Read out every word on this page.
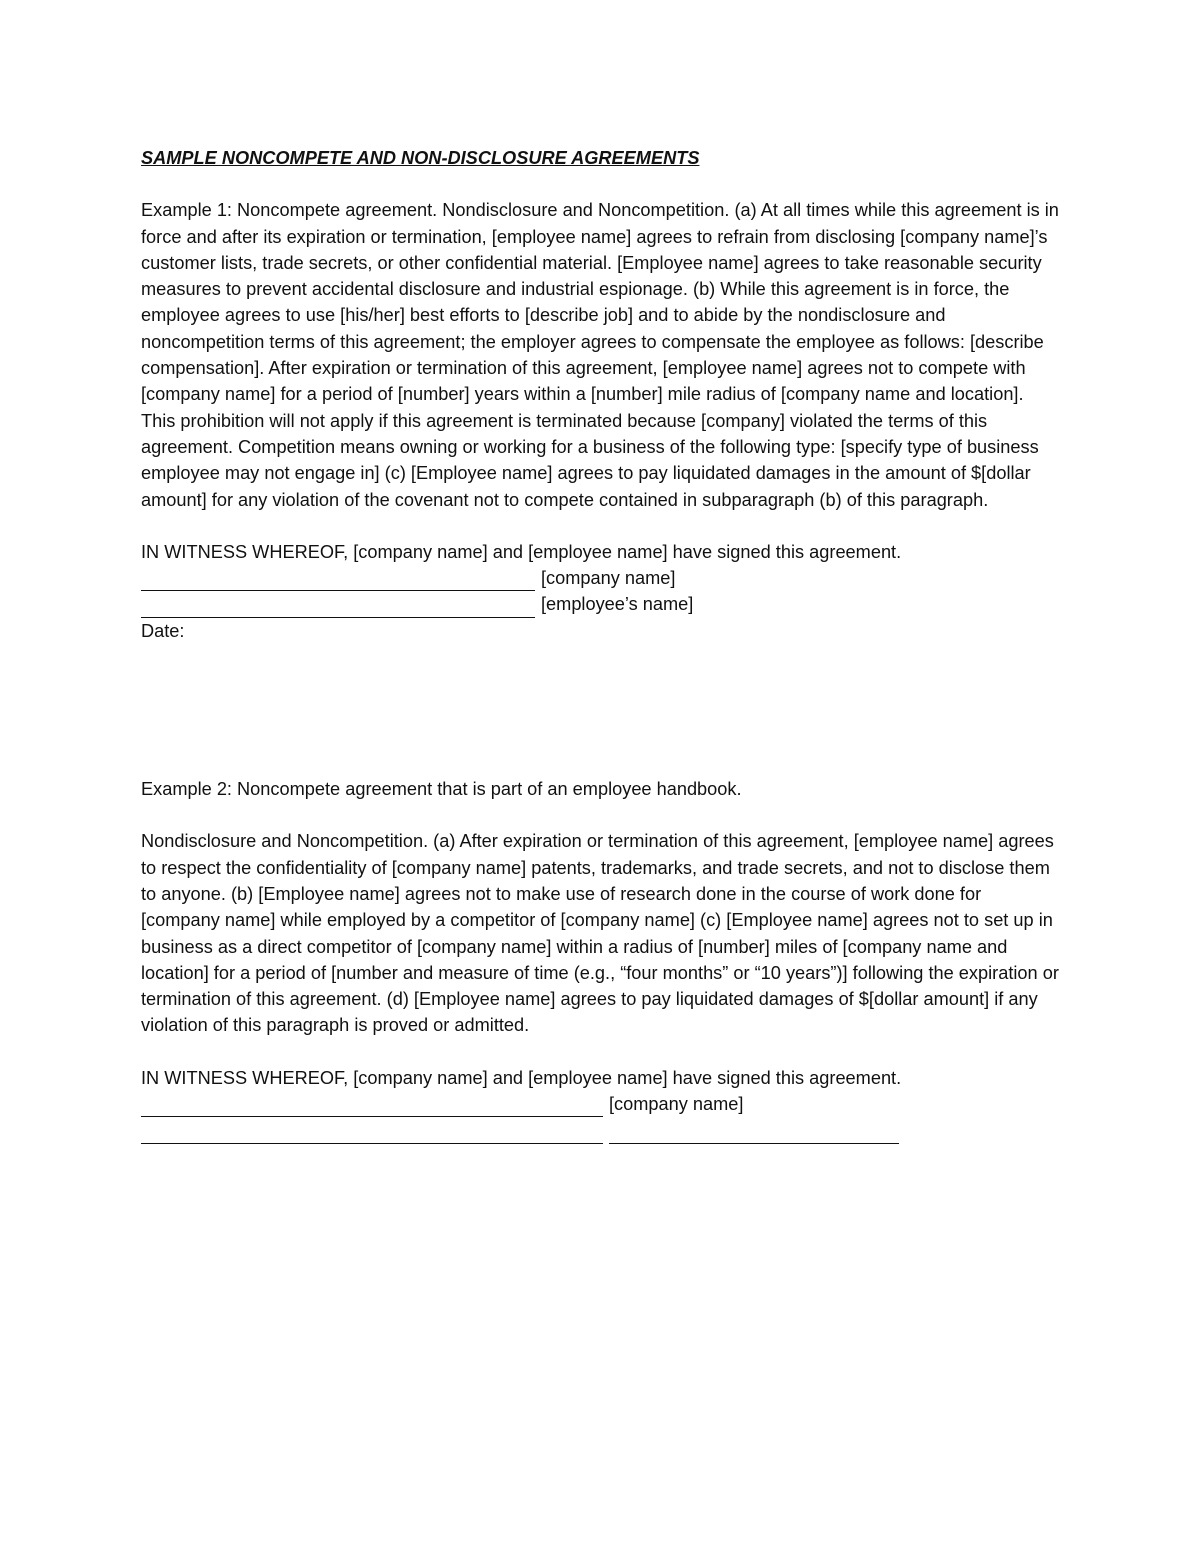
SAMPLE NONCOMPETE AND NON-DISCLOSURE AGREEMENTS

Example 1: Noncompete agreement. Nondisclosure and Noncompetition. (a) At all times while this agreement is in force and after its expiration or termination, [employee name] agrees to refrain from disclosing [company name]’s customer lists, trade secrets, or other confidential material. [Employee name] agrees to take reasonable security measures to prevent accidental disclosure and industrial espionage. (b) While this agreement is in force, the employee agrees to use [his/her] best efforts to [describe job] and to abide by the nondisclosure and noncompetition terms of this agreement; the employer agrees to compensate the employee as follows: [describe compensation]. After expiration or termination of this agreement, [employee name] agrees not to compete with [company name] for a period of [number] years within a [number] mile radius of [company name and location]. This prohibition will not apply if this agreement is terminated because [company] violated the terms of this agreement. Competition means owning or working for a business of the following type: [specify type of business employee may not engage in] (c) [Employee name] agrees to pay liquidated damages in the amount of $[dollar amount] for any violation of the covenant not to compete contained in subparagraph (b) of this paragraph.

IN WITNESS WHEREOF, [company name] and [employee name] have signed this agreement.

[company name]
[employee’s name]

Date:

Example 2: Noncompete agreement that is part of an employee handbook.

Nondisclosure and Noncompetition. (a) After expiration or termination of this agreement, [employee name] agrees to respect the confidentiality of [company name] patents, trademarks, and trade secrets, and not to disclose them to anyone. (b) [Employee name] agrees not to make use of research done in the course of work done for [company name] while employed by a competitor of [company name] (c) [Employee name] agrees not to set up in business as a direct competitor of [company name] within a radius of [number] miles of [company name and location] for a period of [number and measure of time (e.g., “four months” or “10 years”)] following the expiration or termination of this agreement. (d) [Employee name] agrees to pay liquidated damages of $[dollar amount] if any violation of this paragraph is proved or admitted.

IN WITNESS WHEREOF, [company name] and [employee name] have signed this agreement.

[company name]
